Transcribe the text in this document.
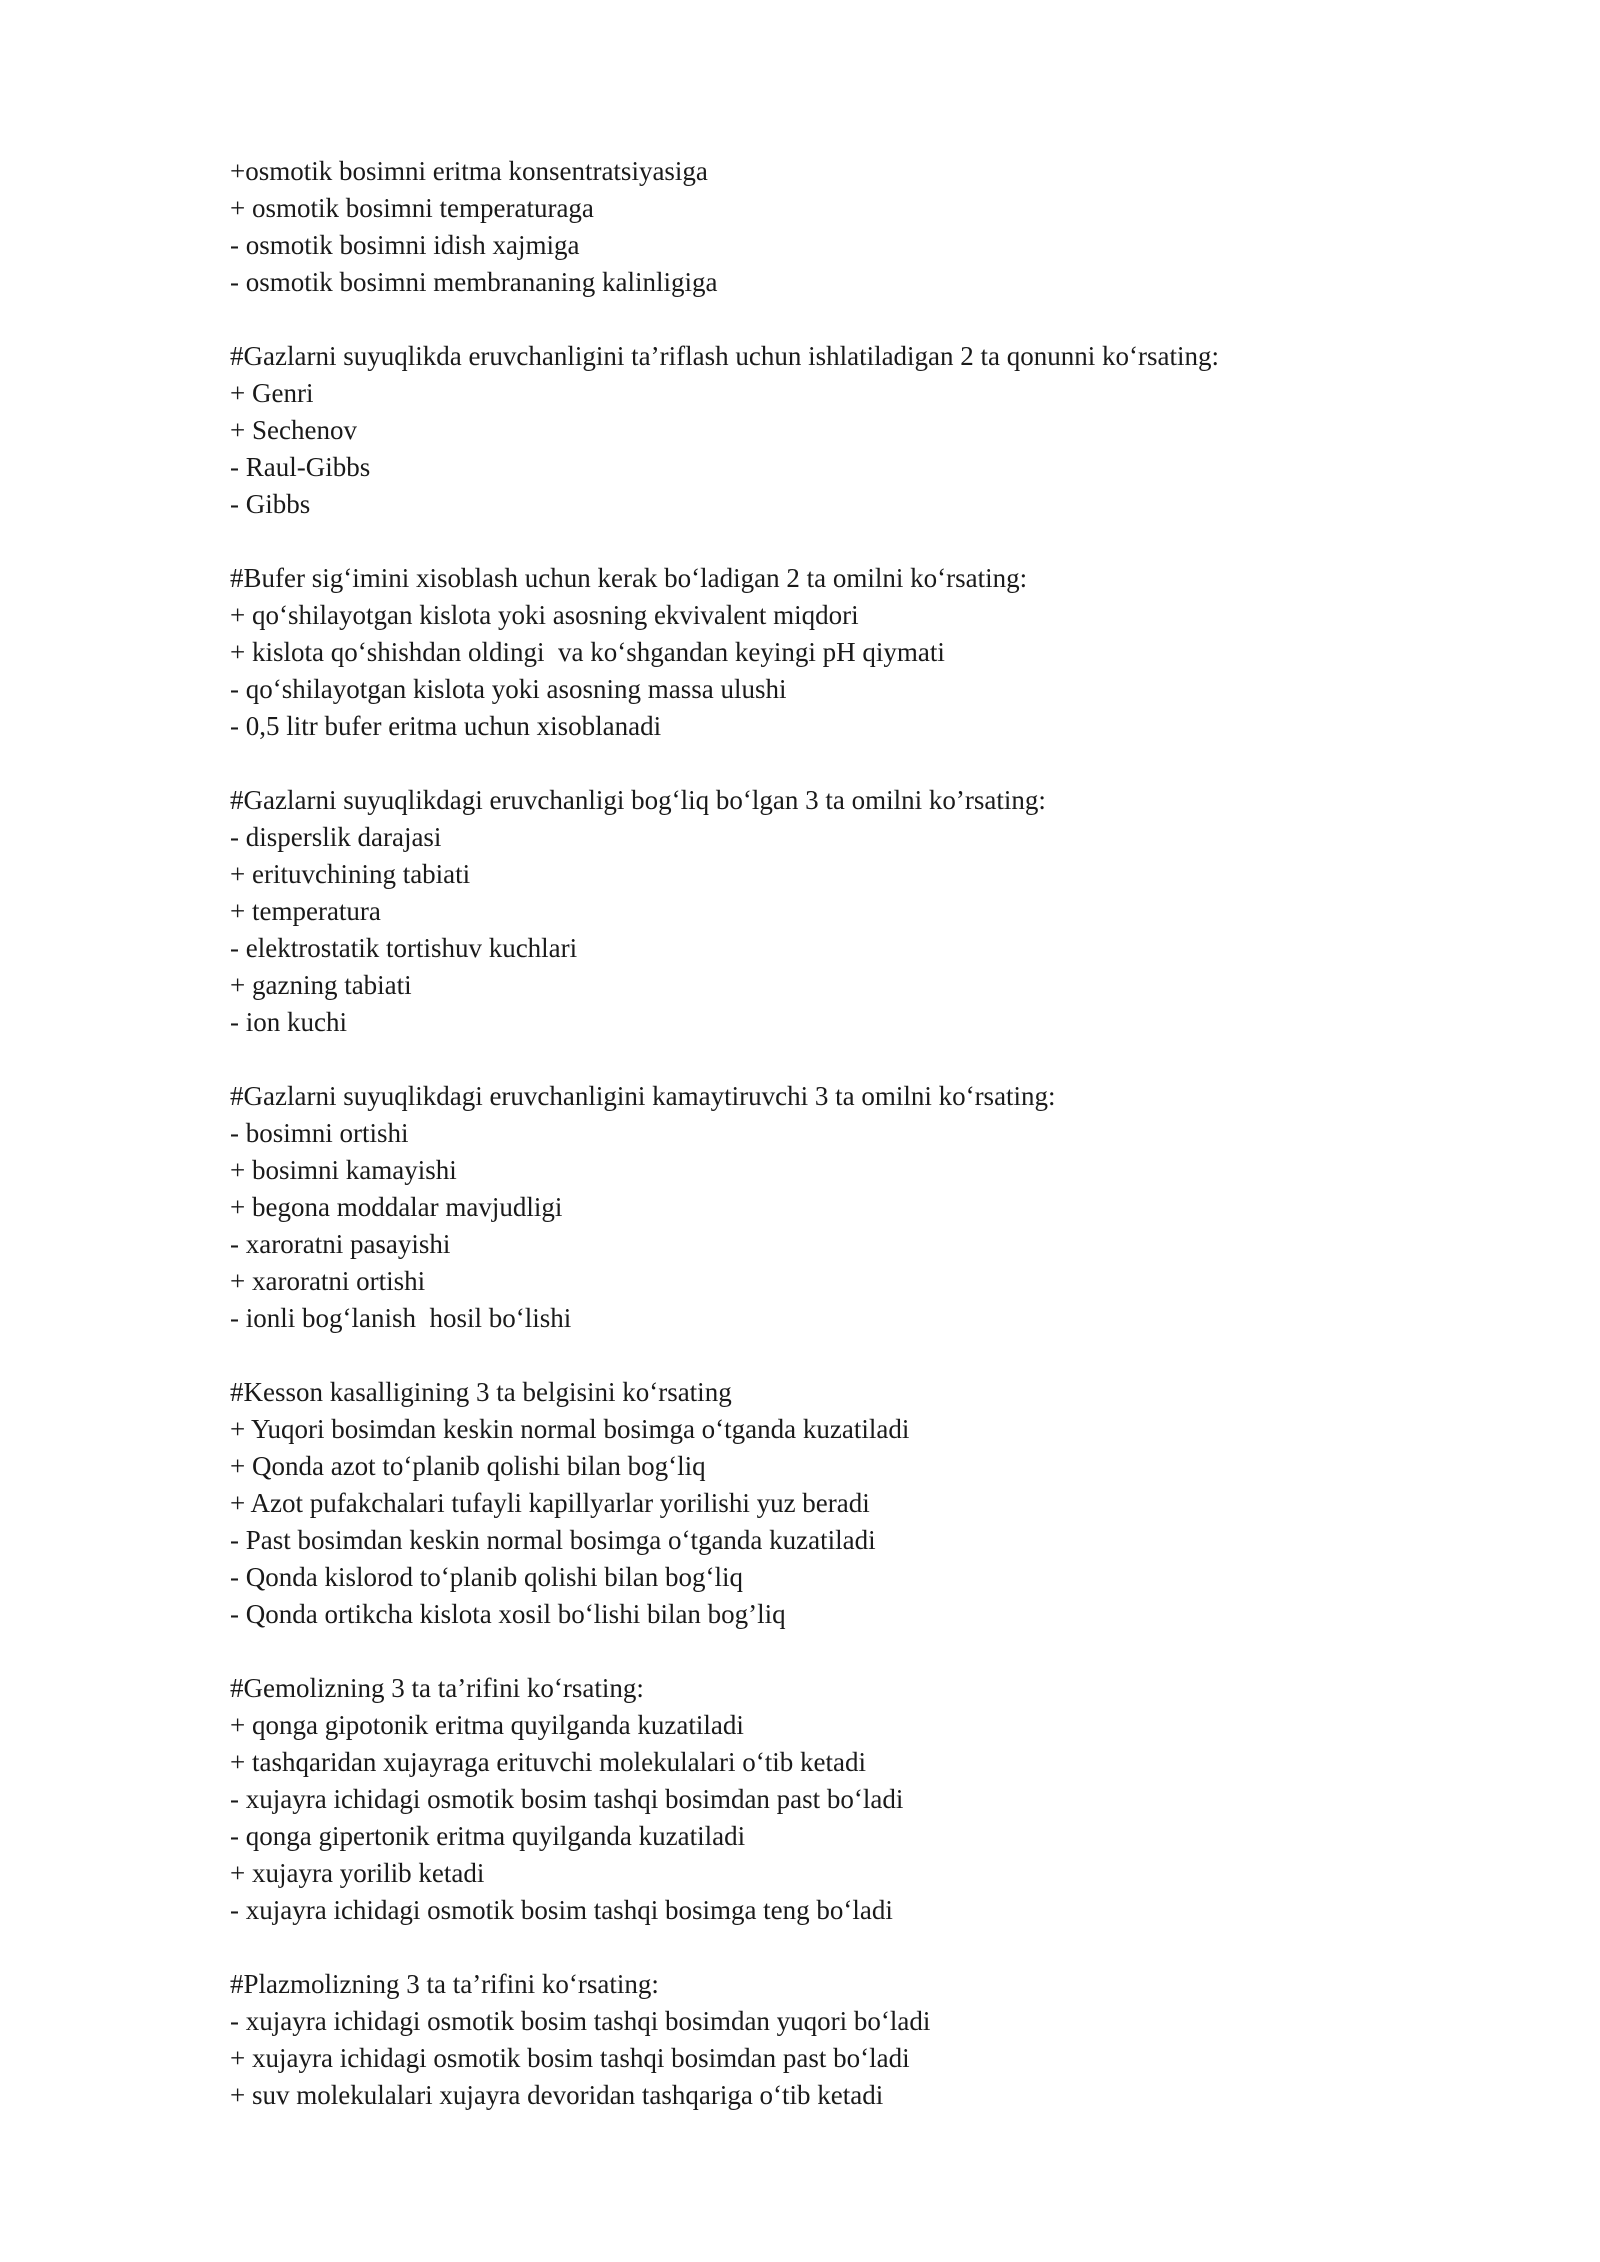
+osmotik bosimni eritma konsentratsiyasiga
+ osmotik bosimni temperaturaga
- osmotik bosimni idish xajmiga
- osmotik bosimni membrananing kalinligiga
#Gazlarni suyuqlikda eruvchanligini ta’riflash uchun ishlatiladigan 2 ta qonunni ko‘rsating:
+ Genri
+ Sechenov
- Raul-Gibbs
- Gibbs
#Bufer sig‘imini xisoblash uchun kerak bo‘ladigan 2 ta omilni ko‘rsating:
+ qo‘shilayotgan kislota yoki asosning ekvivalent miqdori
+ kislota qo‘shishdan oldingi  va ko‘shgandan keyingi pH qiymati
- qo‘shilayotgan kislota yoki asosning massa ulushi
- 0,5 litr bufer eritma uchun xisoblanadi
#Gazlarni suyuqlikdagi eruvchanligi bog‘liq bo‘lgan 3 ta omilni ko’rsating:
- disperslik darajasi
+ erituvchining tabiati
+ temperatura
- elektrostatik tortishuv kuchlari
+ gazning tabiati
- ion kuchi
#Gazlarni suyuqlikdagi eruvchanligini kamaytiruvchi 3 ta omilni ko‘rsating:
- bosimni ortishi
+ bosimni kamayishi
+ begona moddalar mavjudligi
- xaroratni pasayishi
+ xaroratni ortishi
- ionli bog‘lanish  hosil bo‘lishi
#Kesson kasalligining 3 ta belgisini ko‘rsating
+ Yuqori bosimdan keskin normal bosimga o‘tganda kuzatiladi
+ Qonda azot to‘planib qolishi bilan bog‘liq
+ Azot pufakchalari tufayli kapillyarlar yorilishi yuz beradi
- Past bosimdan keskin normal bosimga o‘tganda kuzatiladi
- Qonda kislorod to‘planib qolishi bilan bog‘liq
- Qonda ortikcha kislota xosil bo‘lishi bilan bog’liq
#Gemolizning 3 ta ta’rifini ko‘rsating:
+ qonga gipotonik eritma quyilganda kuzatiladi
+ tashqaridan xujayraga erituvchi molekulalari o‘tib ketadi
- xujayra ichidagi osmotik bosim tashqi bosimdan past bo‘ladi
- qonga gipertonik eritma quyilganda kuzatiladi
+ xujayra yorilib ketadi
- xujayra ichidagi osmotik bosim tashqi bosimga teng bo‘ladi
#Plazmolizning 3 ta ta’rifini ko‘rsating:
- xujayra ichidagi osmotik bosim tashqi bosimdan yuqori bo‘ladi
+ xujayra ichidagi osmotik bosim tashqi bosimdan past bo‘ladi
+ suv molekulalari xujayra devoridan tashqariga o‘tib ketadi
